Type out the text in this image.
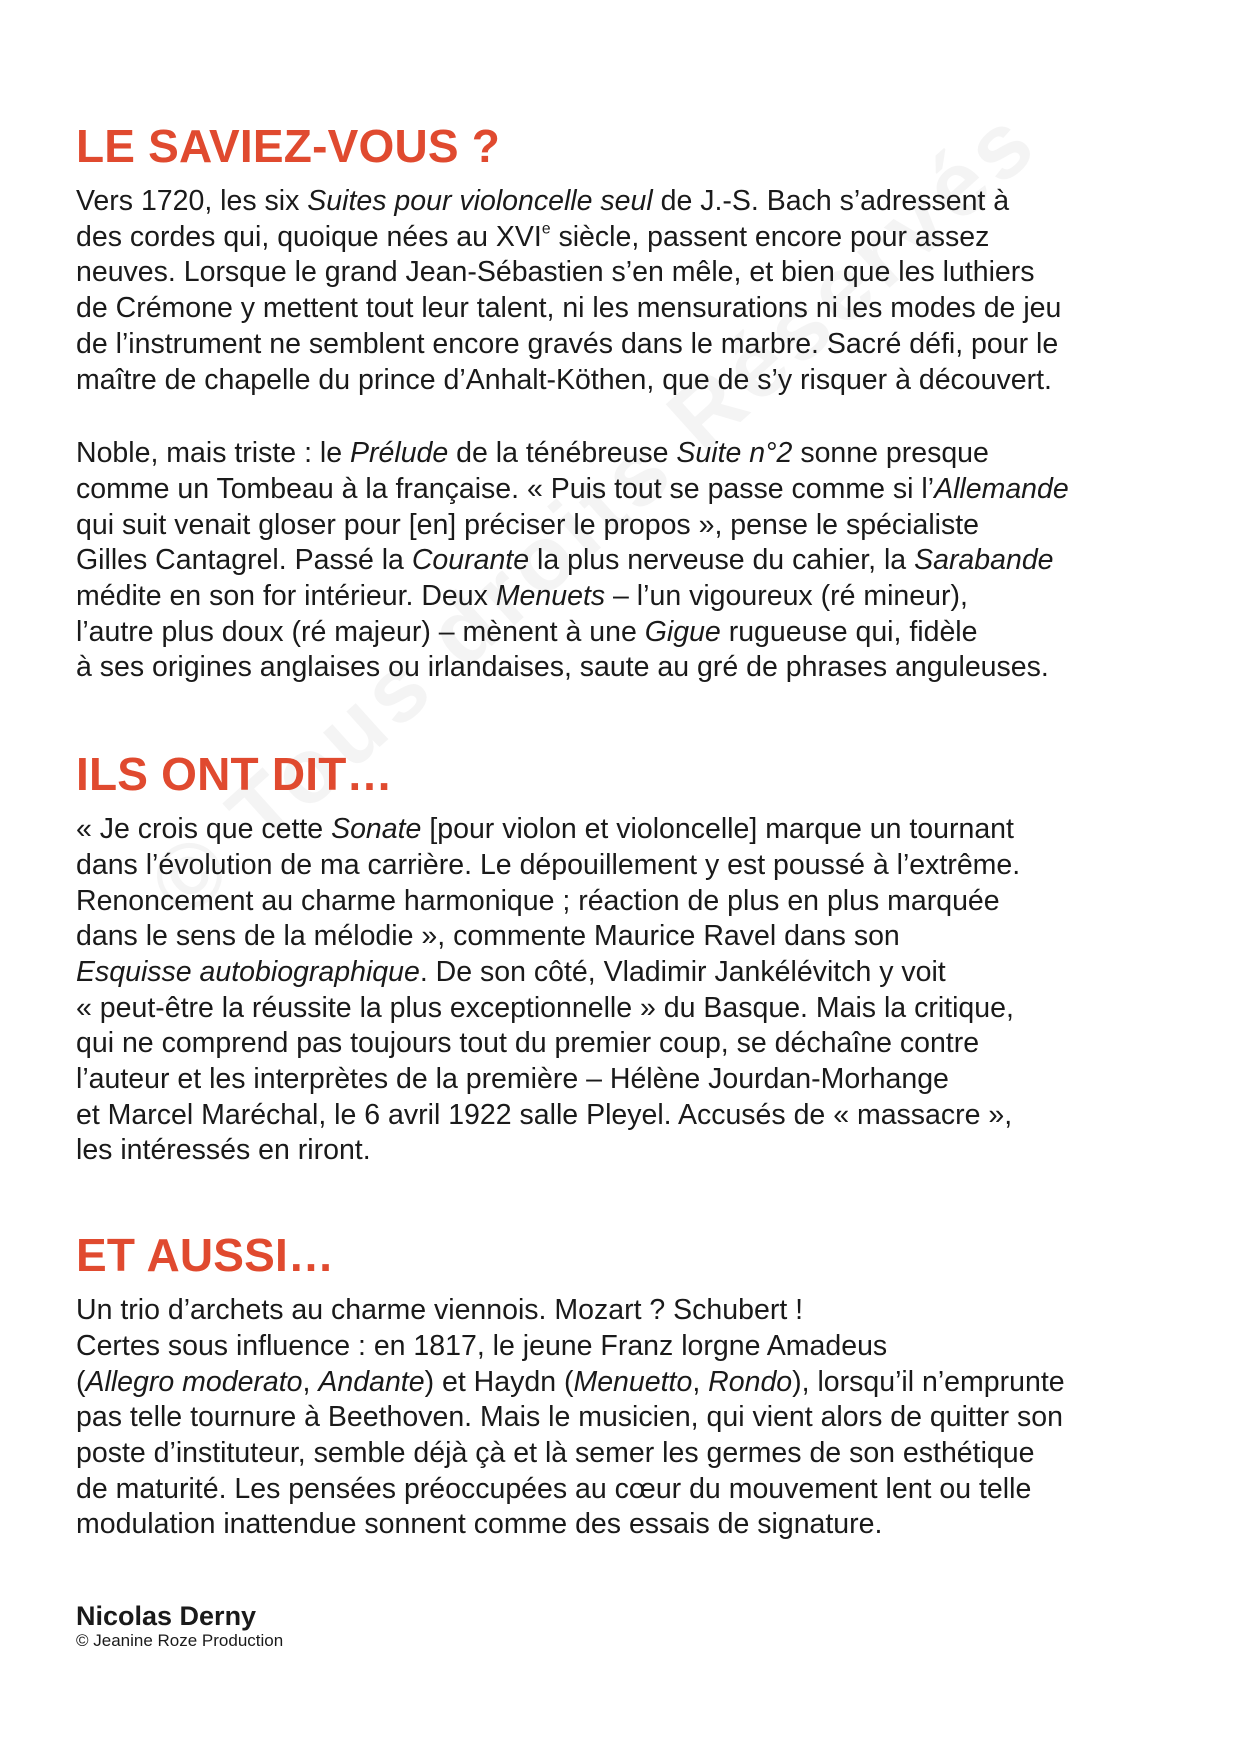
LE SAVIEZ-VOUS ?
Vers 1720, les six Suites pour violoncelle seul de J.-S. Bach s’adressent à
des cordes qui, quoique nées au XVIe siècle, passent encore pour assez
neuves. Lorsque le grand Jean-Sébastien s’en mêle, et bien que les luthiers
de Crémone y mettent tout leur talent, ni les mensurations ni les modes de jeu
de l’instrument ne semblent encore gravés dans le marbre. Sacré défi, pour le
maître de chapelle du prince d’Anhalt-Köthen, que de s’y risquer à découvert.
Noble, mais triste : le Prélude de la ténébreuse Suite n°2 sonne presque
comme un Tombeau à la française. « Puis tout se passe comme si l’Allemande
qui suit venait gloser pour [en] préciser le propos », pense le spécialiste
Gilles Cantagrel. Passé la Courante la plus nerveuse du cahier, la Sarabande
médite en son for intérieur. Deux Menuets – l’un vigoureux (ré mineur),
l’autre plus doux (ré majeur) – mènent à une Gigue rugueuse qui, fidèle
à ses origines anglaises ou irlandaises, saute au gré de phrases anguleuses.
ILS ONT DIT…
« Je crois que cette Sonate [pour violon et violoncelle] marque un tournant
dans l’évolution de ma carrière. Le dépouillement y est poussé à l’extrême.
Renoncement au charme harmonique ; réaction de plus en plus marquée
dans le sens de la mélodie », commente Maurice Ravel dans son
Esquisse autobiographique. De son côté, Vladimir Jankélévitch y voit
« peut-être la réussite la plus exceptionnelle » du Basque. Mais la critique,
qui ne comprend pas toujours tout du premier coup, se déchaîne contre
l’auteur et les interprètes de la première – Hélène Jourdan-Morhange
et Marcel Maréchal, le 6 avril 1922 salle Pleyel. Accusés de « massacre »,
les intéressés en riront.
ET AUSSI…
Un trio d’archets au charme viennois. Mozart ? Schubert !
Certes sous influence : en 1817, le jeune Franz lorgne Amadeus
(Allegro moderato, Andante) et Haydn (Menuetto, Rondo), lorsqu’il n’emprunte
pas telle tournure à Beethoven. Mais le musicien, qui vient alors de quitter son
poste d’instituteur, semble déjà çà et là semer les germes de son esthétique
de maturité. Les pensées préoccupées au cœur du mouvement lent ou telle
modulation inattendue sonnent comme des essais de signature.
Nicolas Derny
© Jeanine Roze Production
